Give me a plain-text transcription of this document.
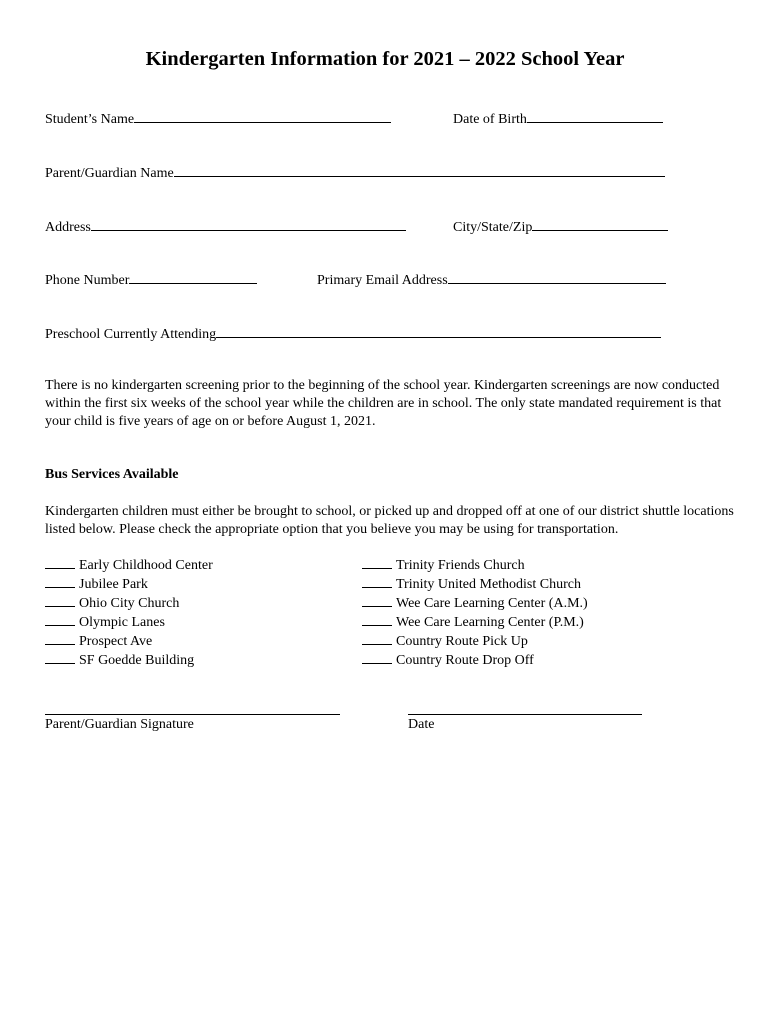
Kindergarten Information for 2021 – 2022 School Year
Student’s Name	Date of Birth
Parent/Guardian Name
Address	City/State/Zip
Phone Number	Primary Email Address
Preschool Currently Attending
There is no kindergarten screening prior to the beginning of the school year. Kindergarten screenings are now conducted within the first six weeks of the school year while the children are in school. The only state mandated requirement is that your child is five years of age on or before August 1, 2021.
Bus Services Available
Kindergarten children must either be brought to school, or picked up and dropped off at one of our district shuttle locations listed below. Please check the appropriate option that you believe you may be using for transportation.
Early Childhood Center
Jubilee Park
Ohio City Church
Olympic Lanes
Prospect Ave
SF Goedde Building
Trinity Friends Church
Trinity United Methodist Church
Wee Care Learning Center (A.M.)
Wee Care Learning Center (P.M.)
Country Route Pick Up
Country Route Drop Off
Parent/Guardian Signature	Date
